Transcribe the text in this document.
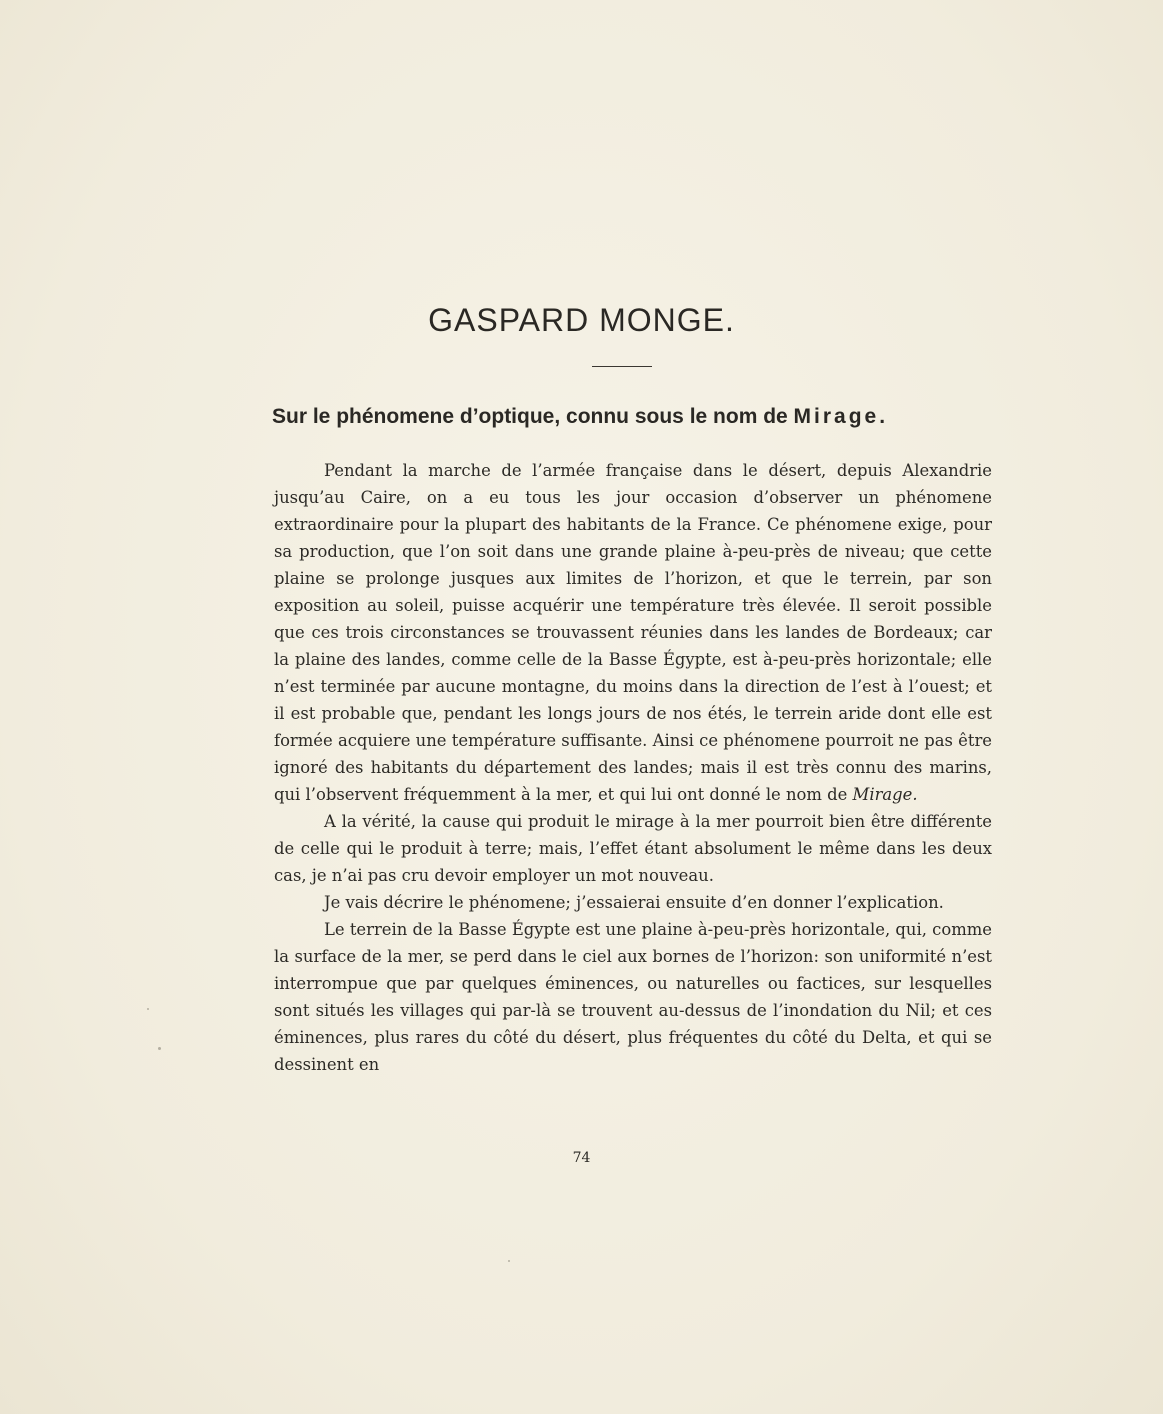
GASPARD MONGE.
Sur le phénomene d’optique, connu sous le nom de Mirage.

Pendant la marche de l’armée française dans le désert, depuis Alexandrie jusqu’au Caire, on a eu tous les jour occasion d’observer un phénomene extraordinaire pour la plupart des habitants de la France. Ce phénomene exige, pour sa production, que l’on soit dans une grande plaine à-peu-près de niveau; que cette plaine se prolonge jusques aux limites de l’horizon, et que le terrein, par son exposition au soleil, puisse acquérir une température très élevée. Il seroit possible que ces trois circonstances se trouvassent réunies dans les landes de Bordeaux; car la plaine des landes, comme celle de la Basse Égypte, est à-peu-près horizontale; elle n’est terminée par aucune montagne, du moins dans la direction de l’est à l’ouest; et il est probable que, pendant les longs jours de nos étés, le terrein aride dont elle est formée acquiere une température suffisante. Ainsi ce phénomene pourroit ne pas être ignoré des habitants du département des landes; mais il est très connu des marins, qui l’observent fréquemment à la mer, et qui lui ont donné le nom de Mirage.

A la vérité, la cause qui produit le mirage à la mer pourroit bien être différente de celle qui le produit à terre; mais, l’effet étant absolument le même dans les deux cas, je n’ai pas cru devoir employer un mot nouveau.

Je vais décrire le phénomene; j’essaierai ensuite d’en donner l’explication.

Le terrein de la Basse Égypte est une plaine à-peu-près horizontale, qui, comme la surface de la mer, se perd dans le ciel aux bornes de l’horizon: son uniformité n’est interrompue que par quelques éminences, ou naturelles ou factices, sur lesquelles sont situés les villages qui par-là se trouvent au-dessus de l’inondation du Nil; et ces éminences, plus rares du côté du désert, plus fréquentes du côté du Delta, et qui se dessinent en

74
